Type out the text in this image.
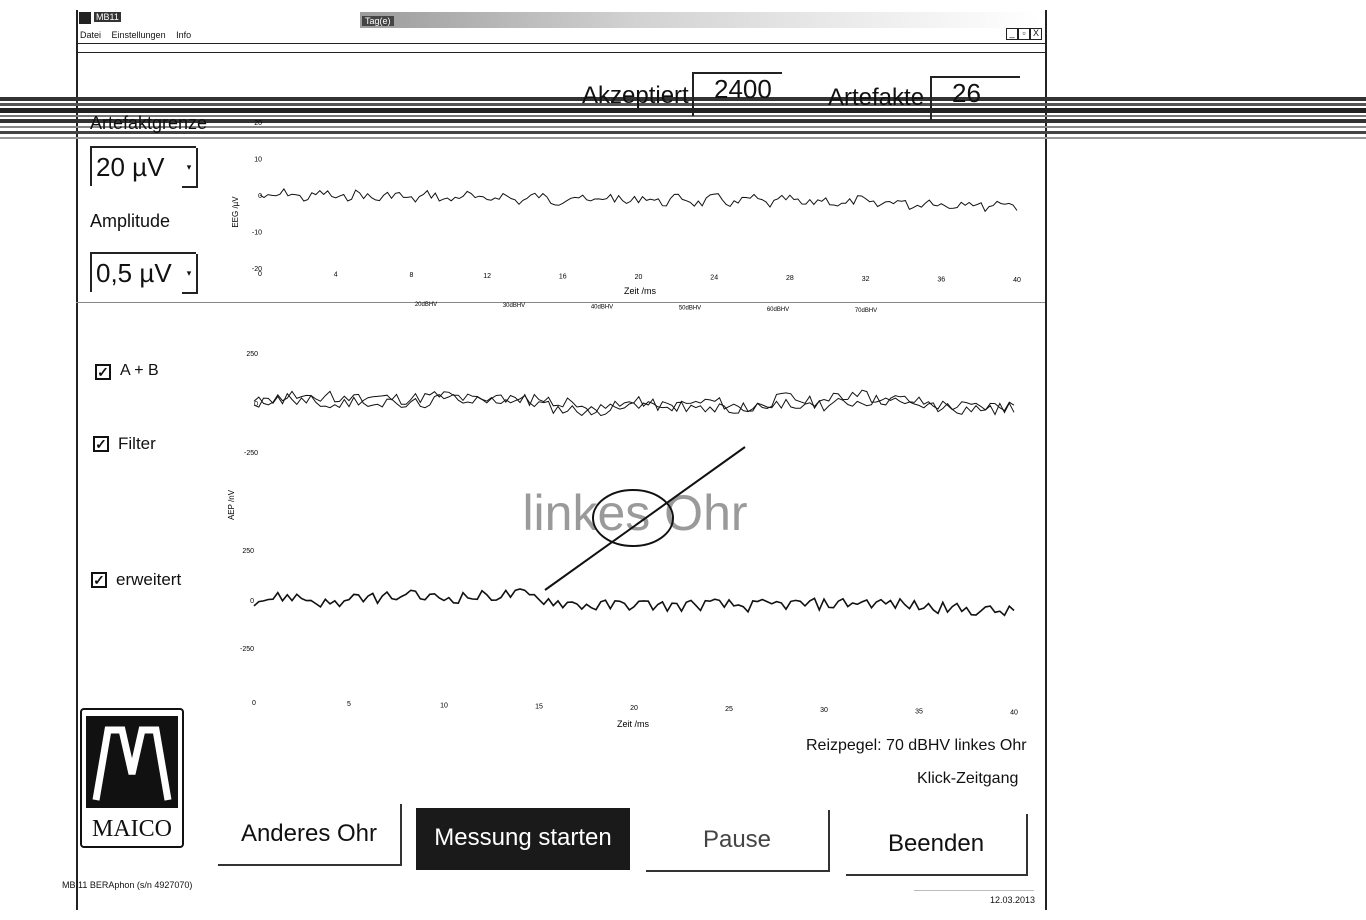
MB11	Tag(e)
_ ▫ X
Datei Einstellungen Info
Akzeptiert 2400	Artefakte	26
Artefaktgrenze
20 µV	▾
Amplitude
0,5 µV	▾
✓ A + B
✓ Filter
✓ erweitert
20
10
0
-10
-20
0	4	8	12	16	20	24	28	32	36	40
20dBHV	30dBHV	40dBHV	50dBHV	60dBHV	70dBHV
EEG /µV
Zeit /ms
250
0
-250
250
0
-250
0	5	10	15	20	25	30	35	40
AEP /nV
Zeit /ms
linkes Ohr
Reizpegel: 70 dBHV linkes Ohr
Klick-Zeitgang
MAICO	Anderes Ohr	Messung starten	Pause	Beenden
MB 11 BERAphon (s/n 4927070)
12.03.2013
